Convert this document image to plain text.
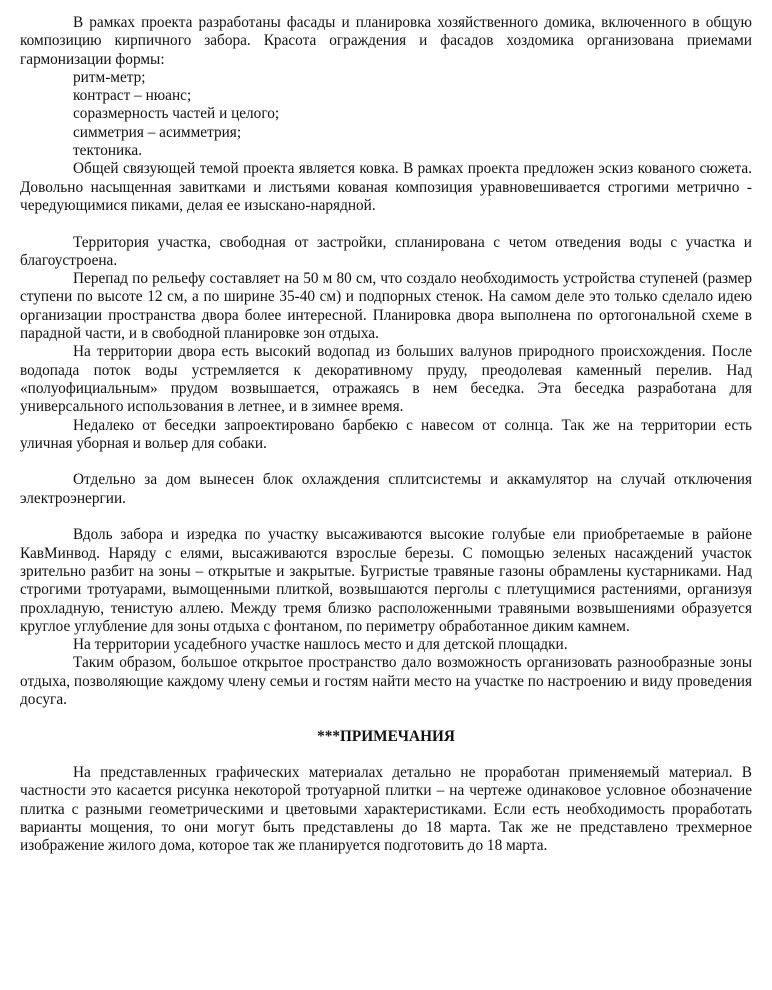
В рамках проекта разработаны фасады и планировка хозяйственного домика, включенного в общую композицию кирпичного забора. Красота ограждения и фасадов хоздомика организована приемами гармонизации формы:

ритм-метр;
контраст – нюанс;
соразмерность частей и целого;
симметрия – асимметрия;
тектоника.

Общей связующей темой проекта является ковка. В рамках проекта предложен эскиз кованого сюжета. Довольно насыщенная завитками и листьями кованая композиция уравновешивается строгими метрично - чередующимися пиками, делая ее изыскано-нарядной.

Территория участка, свободная от застройки, спланирована с четом отведения воды с участка и благоустроена.

Перепад по рельефу составляет на 50 м 80 см, что создало необходимость устройства ступеней (размер ступени по высоте 12 см, а по ширине 35-40 см) и подпорных стенок. На самом деле это только сделало идею организации пространства двора более интересной. Планировка двора выполнена по ортогональной схеме в парадной части, и в свободной планировке зон отдыха.

На территории двора есть высокий водопад из больших валунов природного происхождения. После водопада поток воды устремляется к декоративному пруду, преодолевая каменный перелив. Над «полуофициальным» прудом возвышается, отражаясь в нем беседка. Эта беседка разработана для универсального использования в летнее, и в зимнее время.

Недалеко от беседки запроектировано барбекю с навесом от солнца. Так же на территории есть уличная уборная и вольер для собаки.

Отдельно за дом вынесен блок охлаждения сплитсистемы и аккамулятор на случай отключения электроэнергии.

Вдоль забора и изредка по участку высаживаются высокие голубые ели приобретаемые в районе КавМинвод. Наряду с елями, высаживаются взрослые березы. С помощью зеленых насаждений участок зрительно разбит на зоны – открытые и закрытые. Бугристые травяные газоны обрамлены кустарниками. Над строгими тротуарами, вымощенными плиткой, возвышаются перголы с плетущимися растениями, организуя прохладную, тенистую аллею. Между тремя близко расположенными травяными возвышениями образуется круглое углубление для зоны отдыха с фонтаном, по периметру обработанное диким камнем.

На территории усадебного участке нашлось место и для детской площадки.

Таким образом, большое открытое пространство дало возможность организовать разнообразные зоны отдыха, позволяющие каждому члену семьи и гостям найти место на участке по настроению и виду проведения досуга.

***ПРИМЕЧАНИЯ

На представленных графических материалах детально не проработан применяемый материал. В частности это касается рисунка некоторой тротуарной плитки – на чертеже одинаковое условное обозначение плитка с разными геометрическими и цветовыми характеристиками. Если есть необходимость проработать варианты мощения, то они могут быть представлены до 18 марта. Так же не представлено трехмерное изображение жилого дома, которое так же планируется подготовить до 18 марта.
